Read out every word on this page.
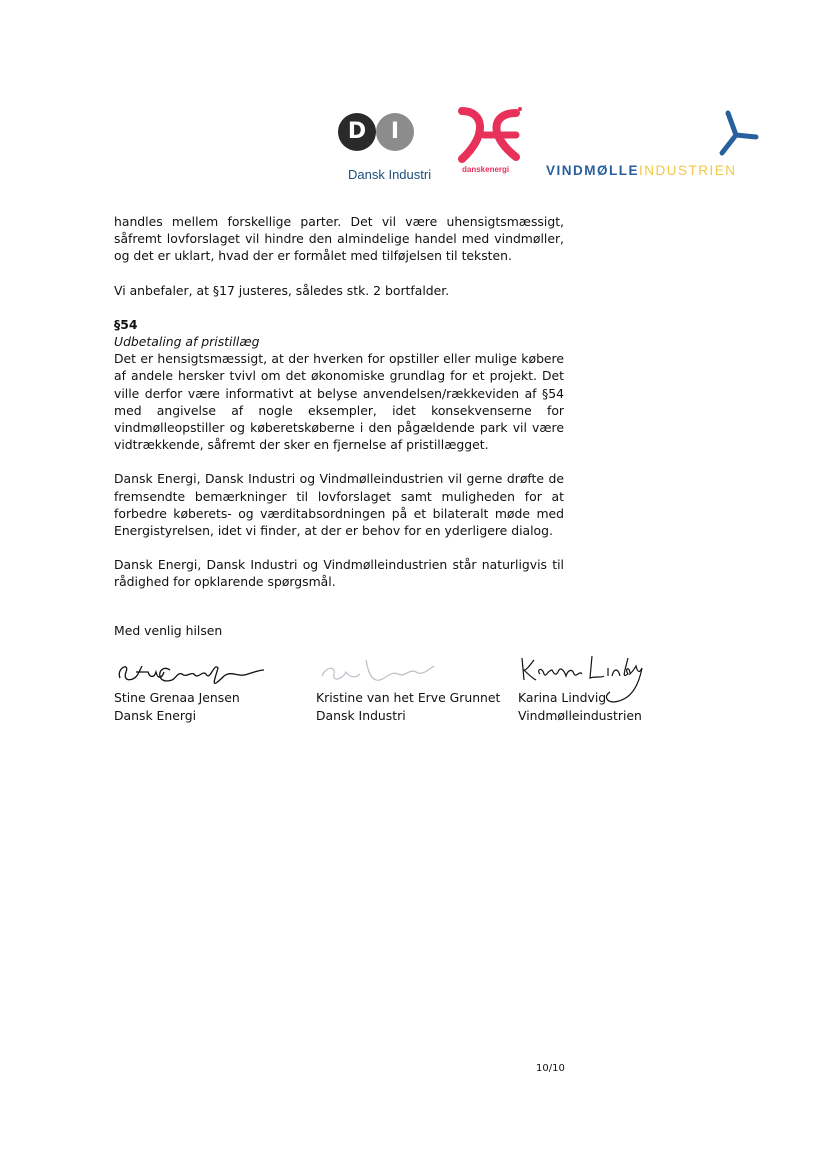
D	I
Dansk Industri	danskenergi	VINDMØLLEINDUSTRIEN

handles mellem forskellige parter. Det vil være uhensigtsmæssigt, såfremt lovforslaget vil hindre den almindelige handel med vindmøller, og det er uklart, hvad der er formålet med tilføjelsen til teksten.

Vi anbefaler, at §17 justeres, således stk. 2 bortfalder.

§54

Udbetaling af pristillæg

Det er hensigtsmæssigt, at der hverken for opstiller eller mulige købere af andele hersker tvivl om det økonomiske grundlag for et projekt. Det ville derfor være informativt at belyse anvendelsen/rækkeviden af §54 med angivelse af nogle eksempler, idet konsekvenserne for vindmølleopstiller og køberetskøberne i den pågældende park vil være vidtrækkende, såfremt der sker en fjernelse af pristillægget.

Dansk Energi, Dansk Industri og Vindmølleindustrien vil gerne drøfte de fremsendte bemærkninger til lovforslaget samt muligheden for at forbedre køberets- og værditabsordningen på et bilateralt møde med Energistyrelsen, idet vi finder, at der er behov for en yderligere dialog.

Dansk Energi, Dansk Industri og Vindmølleindustrien står naturligvis til rådighed for opklarende spørgsmål.

Med venlig hilsen
Stine Grenaa Jensen
Dansk Energi
Kristine van het Erve Grunnet
Dansk Industri
Karina Lindvig
Vindmølleindustrien
10/10
